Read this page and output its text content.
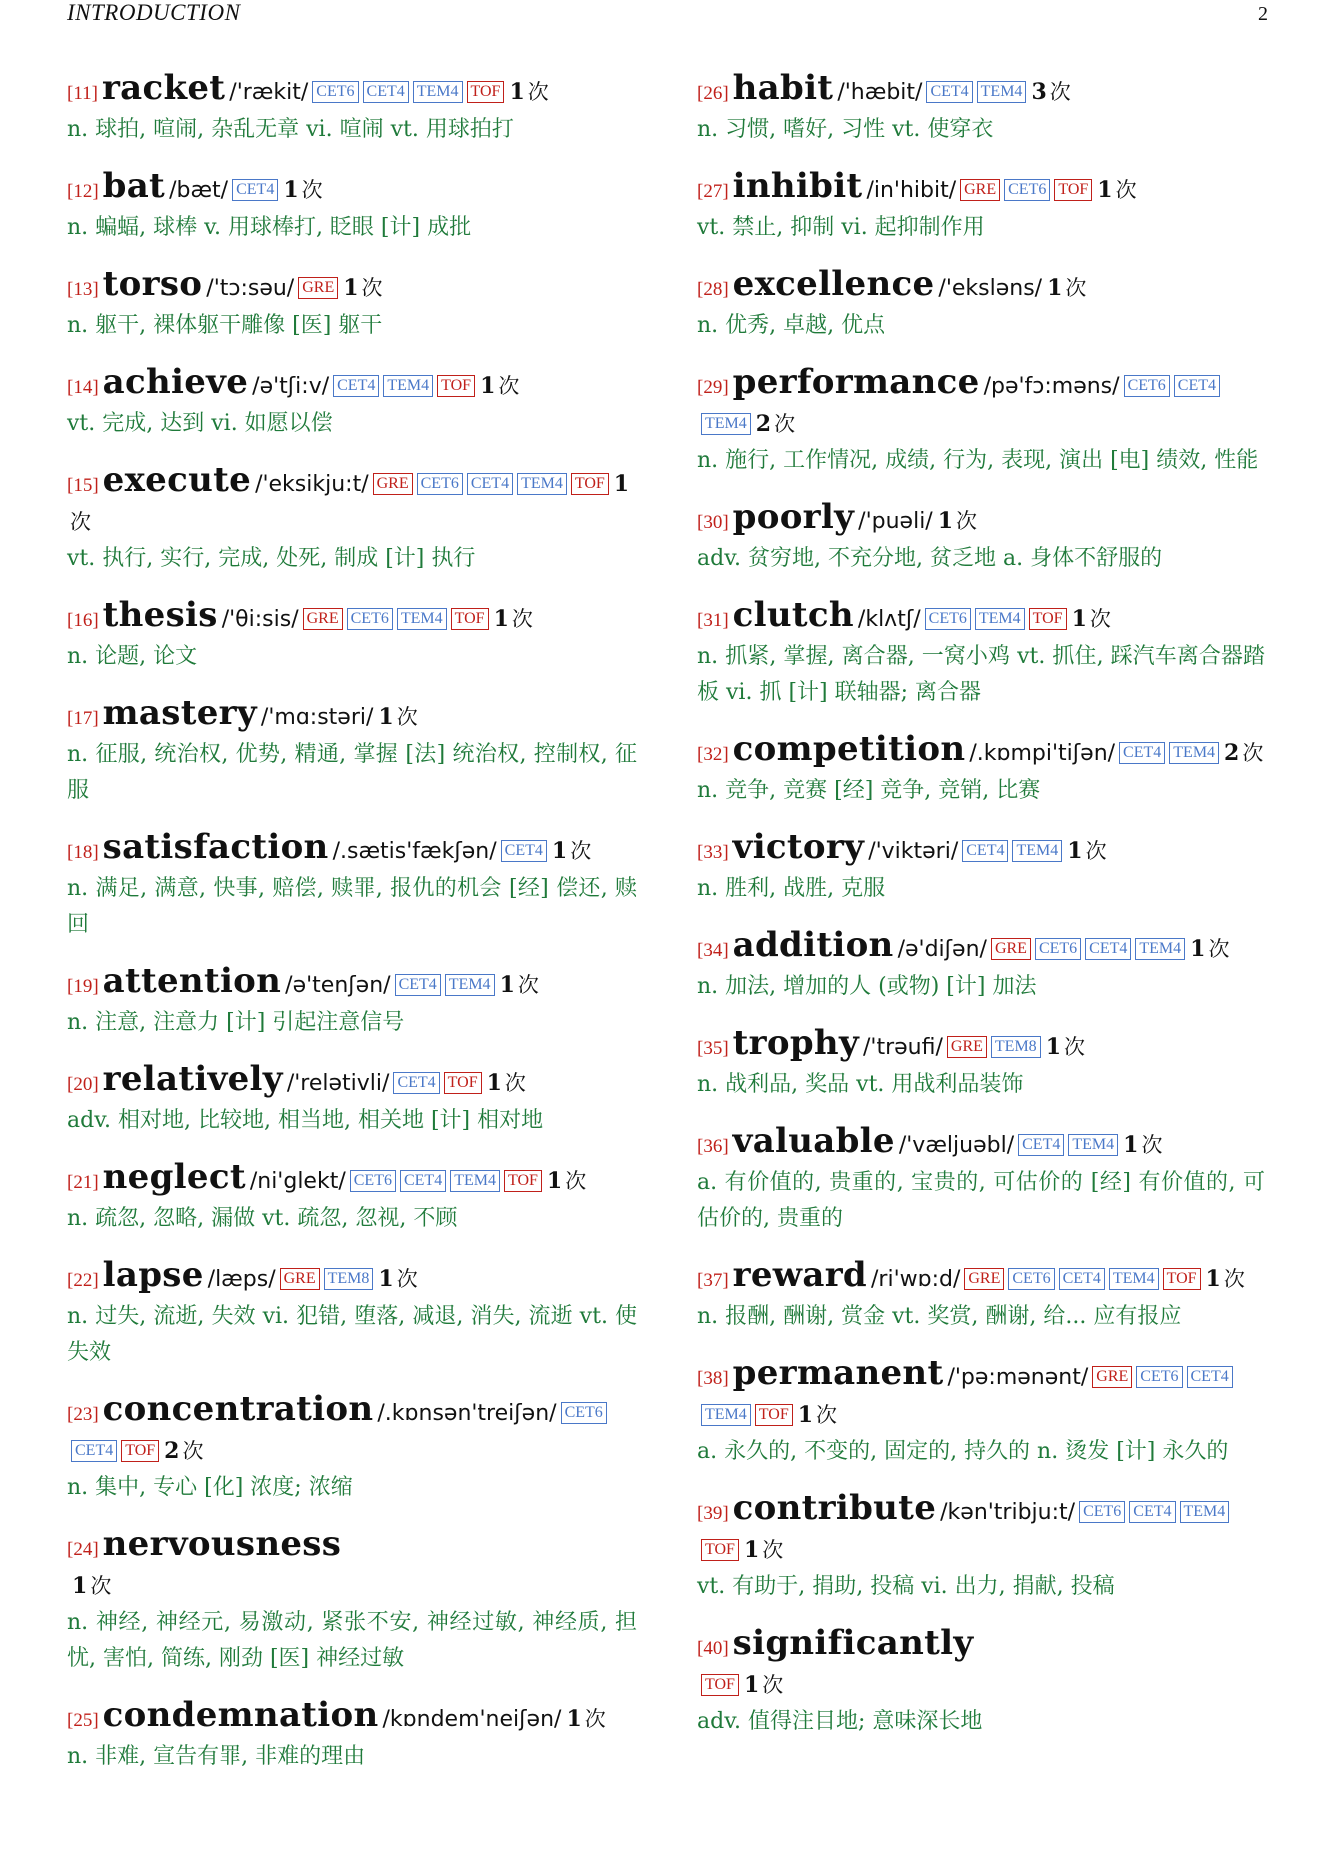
INTRODUCTION	2
[11] racket /'rækit/ CET6 CET4 TEM4 TOF 1 次
n. 球拍, 喧闹, 杂乱无章 vi. 喧闹 vt. 用球拍打
[12] bat /bæt/ CET4 1 次
n. 蝙蝠, 球棒 v. 用球棒打, 眨眼 [计] 成批
[13] torso /'tɔ:səu/ GRE 1 次
n. 躯干, 裸体躯干雕像 [医] 躯干
[14] achieve /ə'tʃi:v/ CET4 TEM4 TOF 1 次
vt. 完成, 达到 vi. 如愿以偿
[15] execute /'eksikju:t/ GRE CET6 CET4 TEM4 TOF 1次
vt. 执行, 实行, 完成, 处死, 制成 [计] 执行
[16] thesis /'θi:sis/ GRE CET6 TEM4 TOF 1 次
n. 论题, 论文
[17] mastery /'mɑ:stəri/ 1 次
n. 征服, 统治权, 优势, 精通, 掌握 [法] 统治权, 控制权, 征服
[18] satisfaction /.sætis'fækʃən/ CET4 1 次
n. 满足, 满意, 快事, 赔偿, 赎罪, 报仇的机会 [经] 偿还, 赎回
[19] attention /ə'tenʃən/ CET4 TEM4 1 次
n. 注意, 注意力 [计] 引起注意信号
[20] relatively /'relətivli/ CET4 TOF 1 次
adv. 相对地, 比较地, 相当地, 相关地 [计] 相对地
[21] neglect /ni'glekt/ CET6 CET4 TEM4 TOF 1 次
n. 疏忽, 忽略, 漏做 vt. 疏忽, 忽视, 不顾
[22] lapse /læps/ GRE TEM8 1 次
n. 过失, 流逝, 失效 vi. 犯错, 堕落, 减退, 消失, 流逝 vt. 使失效
[23] concentration /.kɒnsən'treiʃən/ CET6CET4 TOF 2 次
n. 集中, 专心 [化] 浓度; 浓缩
[24] nervousness
1 次
n. 神经, 神经元, 易激动, 紧张不安, 神经过敏, 神经质, 担忧, 害怕, 简练, 刚劲 [医] 神经过敏
[25] condemnation /kɒndem'neiʃən/ 1 次
n. 非难, 宣告有罪, 非难的理由
[26] habit /'hæbit/ CET4 TEM4 3 次
n. 习惯, 嗜好, 习性 vt. 使穿衣
[27] inhibit /in'hibit/ GRE CET6 TOF 1 次
vt. 禁止, 抑制 vi. 起抑制作用
[28] excellence /'eksləns/ 1 次
n. 优秀, 卓越, 优点
[29] performance /pə'fɔ:məns/ CET6 CET4TEM4 2 次
n. 施行, 工作情况, 成绩, 行为, 表现, 演出 [电] 绩效, 性能
[30] poorly /'puəli/ 1 次
adv. 贫穷地, 不充分地, 贫乏地 a. 身体不舒服的
[31] clutch /klʌtʃ/ CET6 TEM4 TOF 1 次
n. 抓紧, 掌握, 离合器, 一窝小鸡 vt. 抓住, 踩汽车离合器踏板 vi. 抓 [计] 联轴器; 离合器
[32] competition /.kɒmpi'tiʃən/ CET4 TEM4 2 次
n. 竞争, 竞赛 [经] 竞争, 竞销, 比赛
[33] victory /'viktəri/ CET4 TEM4 1 次
n. 胜利, 战胜, 克服
[34] addition /ə'diʃən/ GRE CET6 CET4 TEM4 1 次
n. 加法, 增加的人 (或物) [计] 加法
[35] trophy /'trəufi/ GRE TEM8 1 次
n. 战利品, 奖品 vt. 用战利品装饰
[36] valuable /'væljuəbl/ CET4 TEM4 1 次
a. 有价值的, 贵重的, 宝贵的, 可估价的 [经] 有价值的, 可估价的, 贵重的
[37] reward /ri'wɒ:d/ GRE CET6 CET4 TEM4 TOF 1 次
n. 报酬, 酬谢, 赏金 vt. 奖赏, 酬谢, 给... 应有报应
[38] permanent /'pə:mənənt/ GRE CET6 CET4TEM4 TOF 1 次
a. 永久的, 不变的, 固定的, 持久的 n. 烫发 [计] 永久的
[39] contribute /kən'tribju:t/ CET6 CET4 TEM4TOF 1 次
vt. 有助于, 捐助, 投稿 vi. 出力, 捐献, 投稿
[40] significantly
TOF 1 次
adv. 值得注目地; 意味深长地
